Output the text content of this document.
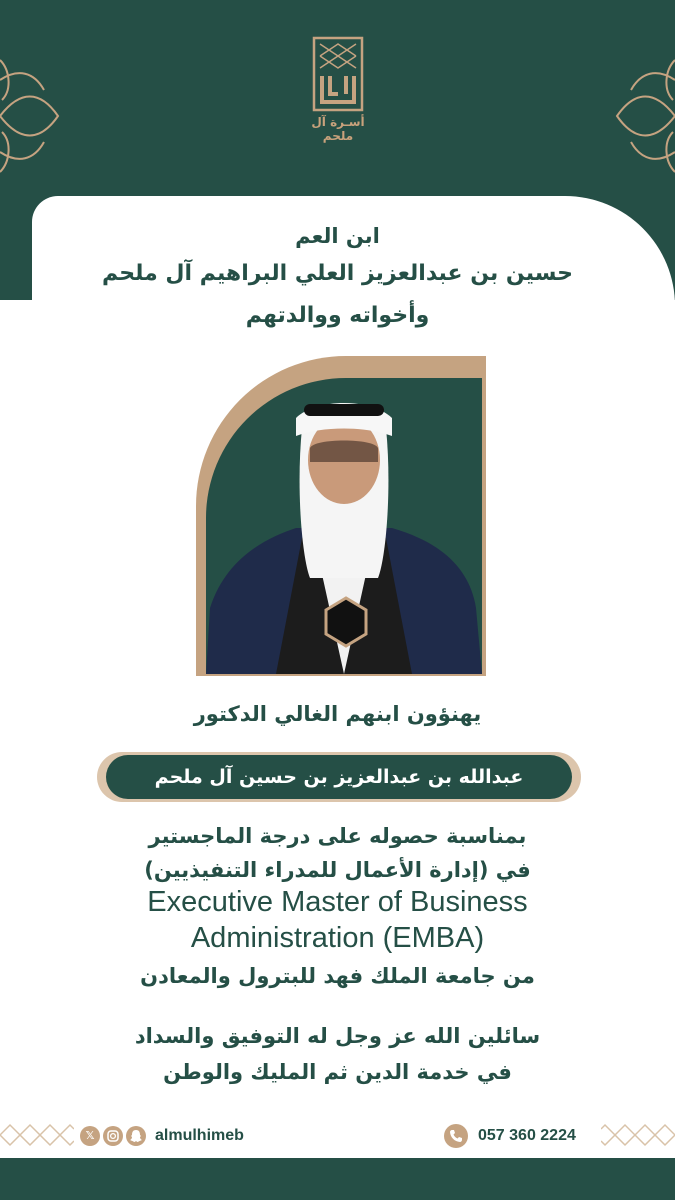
أسـرة آل ملحم
ابن العم
حسين بن عبدالعزيز العلي البراهيم آل ملحم
وأخواته ووالدتهم
يهنؤون ابنهم الغالي الدكتور
عبدالله بن عبدالعزيز بن حسين آل ملحم
بمناسبة حصوله على درجة الماجستير
في (إدارة الأعمال للمدراء التنفيذيين)
Executive Master of Business
Administration (EMBA)
من جامعة الملك فهد للبترول والمعادن
سائلين الله عز وجل له التوفيق والسداد
في خدمة الدين ثم المليك والوطن
𝕏	almulhimeb	057 360 2224
